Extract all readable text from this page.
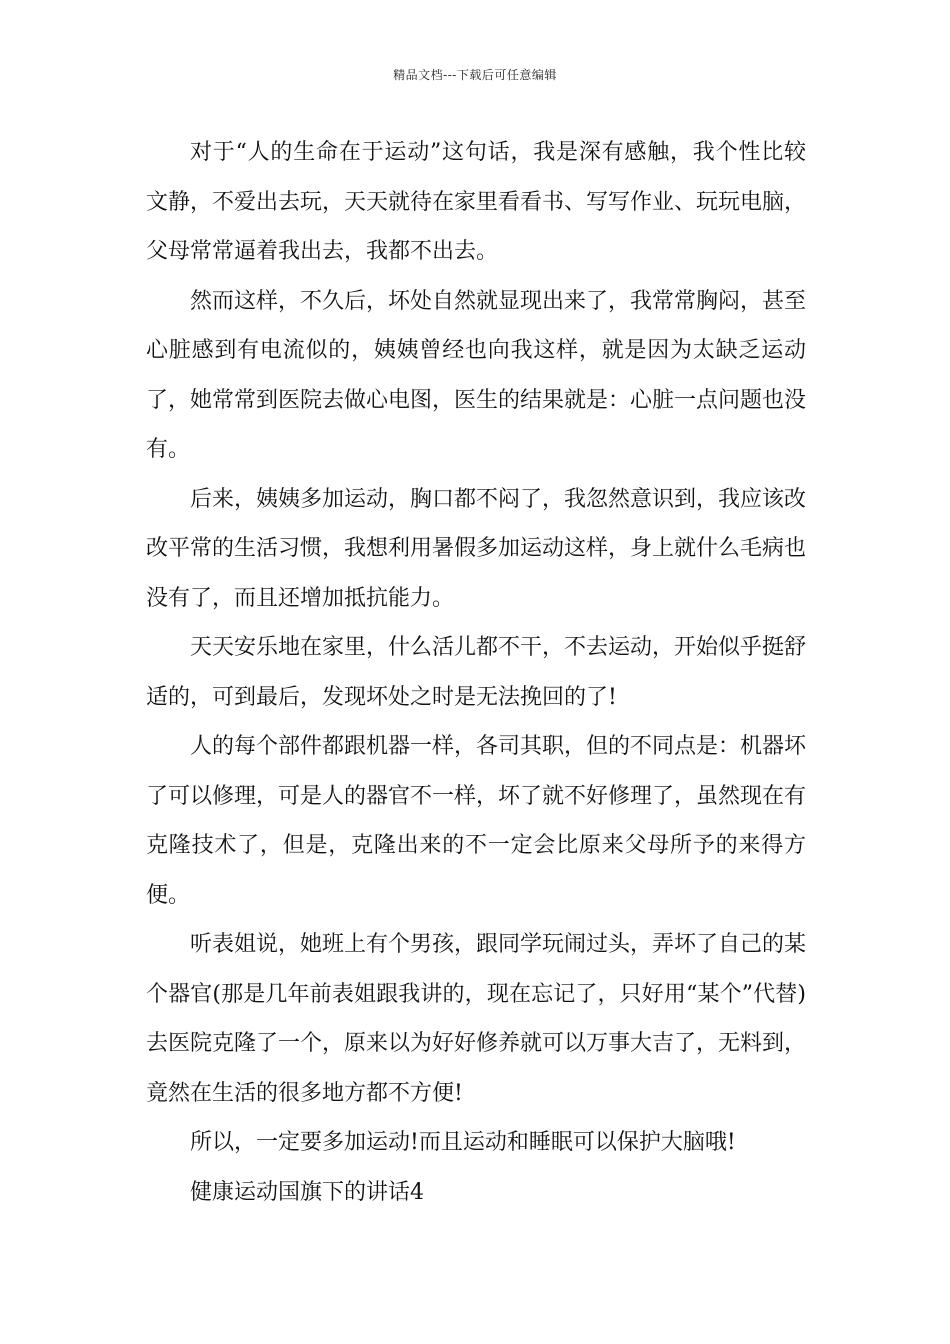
精品文档---下载后可任意编辑

对于“人的生命在于运动”这句话，我是深有感触，我个性比较文静，不爱出去玩，天天就待在家里看看书、写写作业、玩玩电脑，父母常常逼着我出去，我都不出去。

然而这样，不久后，坏处自然就显现出来了，我常常胸闷，甚至心脏感到有电流似的，姨姨曾经也向我这样，就是因为太缺乏运动了，她常常到医院去做心电图，医生的结果就是：心脏一点问题也没有。

后来，姨姨多加运动，胸口都不闷了，我忽然意识到，我应该改改平常的生活习惯，我想利用暑假多加运动这样，身上就什么毛病也没有了，而且还增加抵抗能力。

天天安乐地在家里，什么活儿都不干，不去运动，开始似乎挺舒适的，可到最后，发现坏处之时是无法挽回的了!

人的每个部件都跟机器一样，各司其职，但的不同点是：机器坏了可以修理，可是人的器官不一样，坏了就不好修理了，虽然现在有克隆技术了，但是，克隆出来的不一定会比原来父母所予的来得方便。

听表姐说，她班上有个男孩，跟同学玩闹过头，弄坏了自己的某个器官(那是几年前表姐跟我讲的，现在忘记了，只好用“某个”代替)去医院克隆了一个，原来以为好好修养就可以万事大吉了，无料到，竟然在生活的很多地方都不方便!

所以，一定要多加运动!而且运动和睡眠可以保护大脑哦!

健康运动国旗下的讲话4
